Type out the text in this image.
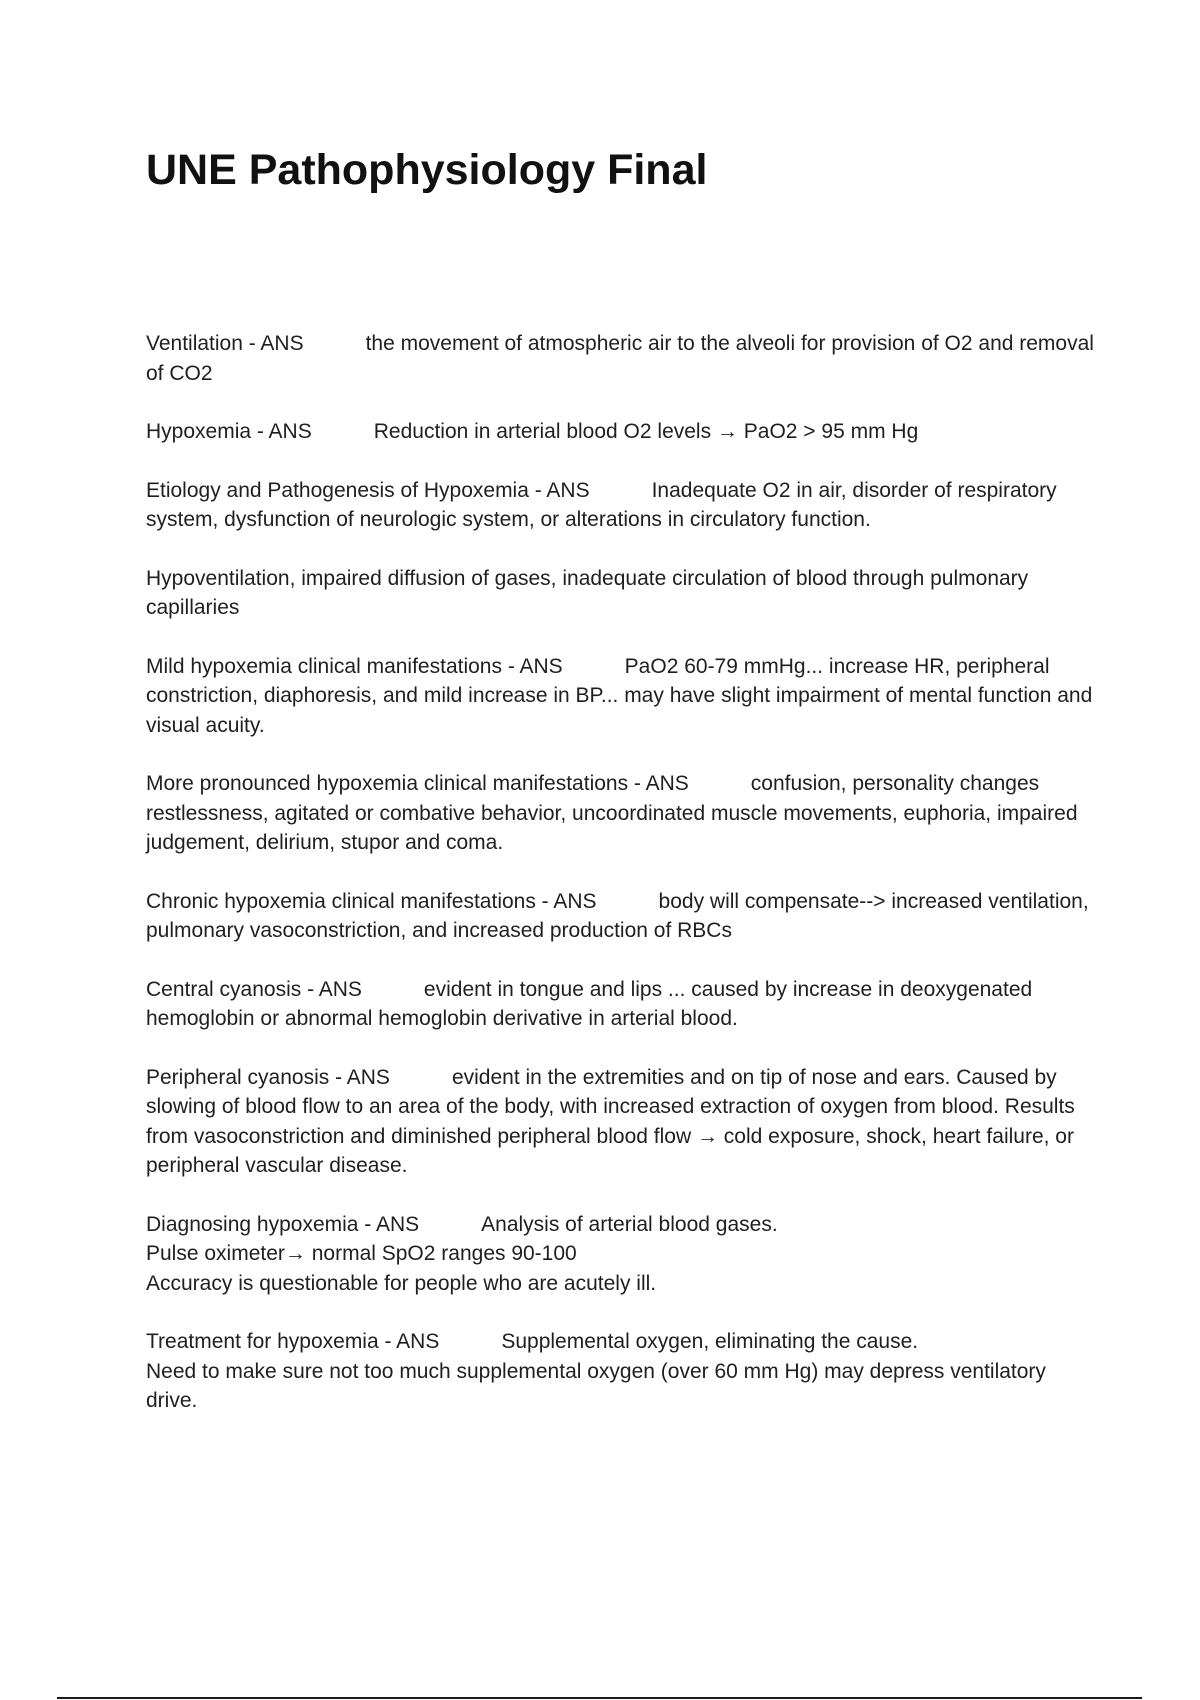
UNE Pathophysiology Final

Ventilation - ANS	the movement of atmospheric air to the alveoli for provision of O2 and removal of CO2

Hypoxemia - ANS	Reduction in arterial blood O2 levels → PaO2 > 95 mm Hg

Etiology and Pathogenesis of Hypoxemia - ANS	Inadequate O2 in air, disorder of respiratory system, dysfunction of neurologic system, or alterations in circulatory function.

Hypoventilation, impaired diffusion of gases, inadequate circulation of blood through pulmonary capillaries

Mild hypoxemia clinical manifestations - ANS	PaO2 60-79 mmHg... increase HR, peripheral constriction, diaphoresis, and mild increase in BP... may have slight impairment of mental function and visual acuity.

More pronounced hypoxemia clinical manifestations - ANS	confusion, personality changes restlessness, agitated or combative behavior, uncoordinated muscle movements, euphoria, impaired judgement, delirium, stupor and coma.

Chronic hypoxemia clinical manifestations - ANS	body will compensate--> increased ventilation, pulmonary vasoconstriction, and increased production of RBCs

Central cyanosis - ANS	evident in tongue and lips ... caused by increase in deoxygenated hemoglobin or abnormal hemoglobin derivative in arterial blood.

Peripheral cyanosis - ANS	evident in the extremities and on tip of nose and ears. Caused by slowing of blood flow to an area of the body, with increased extraction of oxygen from blood. Results from vasoconstriction and diminished peripheral blood flow → cold exposure, shock, heart failure, or peripheral vascular disease.

Diagnosing hypoxemia - ANS	Analysis of arterial blood gases.
Pulse oximeter→ normal SpO2 ranges 90-100
Accuracy is questionable for people who are acutely ill.

Treatment for hypoxemia - ANS	Supplemental oxygen, eliminating the cause.
Need to make sure not too much supplemental oxygen (over 60 mm Hg) may depress ventilatory drive.
